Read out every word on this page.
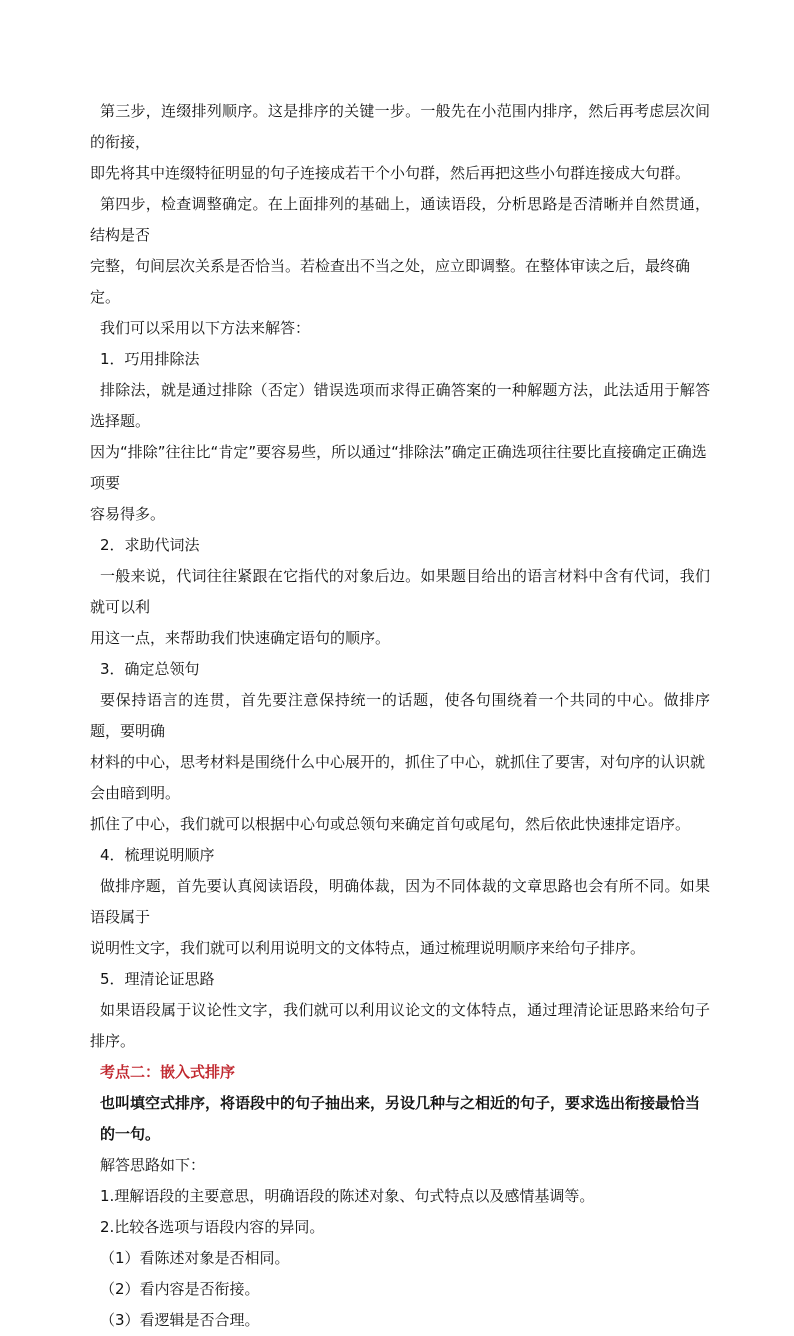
第三步，连缀排列顺序。这是排序的关键一步。一般先在小范围内排序，然后再考虑层次间的衔接，

即先将其中连缀特征明显的句子连接成若干个小句群，然后再把这些小句群连接成大句群。

第四步，检查调整确定。在上面排列的基础上，通读语段，分析思路是否清晰并自然贯通，结构是否

完整，句间层次关系是否恰当。若检查出不当之处，应立即调整。在整体审读之后，最终确定。

我们可以采用以下方法来解答：

1．巧用排除法

排除法，就是通过排除（否定）错误选项而求得正确答案的一种解题方法，此法适用于解答选择题。

因为“排除”往往比“肯定”要容易些，所以通过“排除法”确定正确选项往往要比直接确定正确选项要

容易得多。

2．求助代词法

一般来说，代词往往紧跟在它指代的对象后边。如果题目给出的语言材料中含有代词，我们就可以利

用这一点，来帮助我们快速确定语句的顺序。

3．确定总领句

要保持语言的连贯，首先要注意保持统一的话题，使各句围绕着一个共同的中心。做排序题，要明确

材料的中心，思考材料是围绕什么中心展开的，抓住了中心，就抓住了要害，对句序的认识就会由暗到明。

抓住了中心，我们就可以根据中心句或总领句来确定首句或尾句，然后依此快速排定语序。

4．梳理说明顺序

做排序题，首先要认真阅读语段，明确体裁，因为不同体裁的文章思路也会有所不同。如果语段属于

说明性文字，我们就可以利用说明文的文体特点，通过梳理说明顺序来给句子排序。

5．理清论证思路

如果语段属于议论性文字，我们就可以利用议论文的文体特点，通过理清论证思路来给句子排序。

考点二：嵌入式排序

也叫填空式排序，将语段中的句子抽出来，另设几种与之相近的句子，要求选出衔接最恰当的一句。

解答思路如下：

1.理解语段的主要意思，明确语段的陈述对象、句式特点以及感情基调等。

2.比较各选项与语段内容的异同。

（1）看陈述对象是否相同。

（2）看内容是否衔接。

（3）看逻辑是否合理。
